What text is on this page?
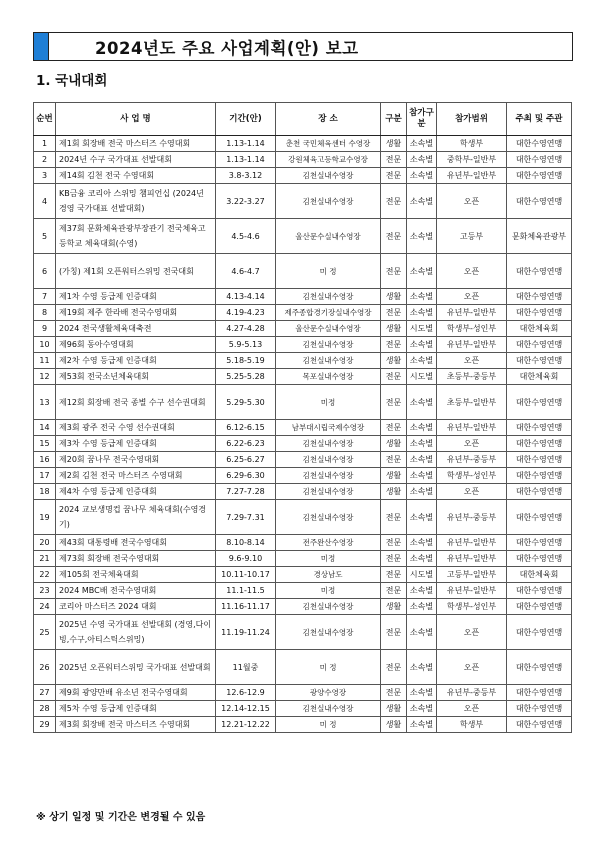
2024년도 주요 사업계획(안) 보고
1. 국내대회
순번	사 업 명	기간(안)	장 소	구분	참가구분	참가범위	주최 및 주관
1	제1회 회장배 전국 마스터즈 수영대회	1.13-1.14	춘천 국민체육센터 수영장	생활	소속별	학생부	대한수영연맹
2	2024년 수구 국가대표 선발대회	1.13-1.14	강원체육고등학교수영장	전문	소속별	중학부-일반부	대한수영연맹
3	제14회 김천 전국 수영대회	3.8-3.12	김천실내수영장	전문	소속별	유년부-일반부	대한수영연맹
4	KB금융 코리아 스위밍 챔피언십 (2024년 경영 국가대표 선발대회)	3.22-3.27	김천실내수영장	전문	소속별	오픈	대한수영연맹
5	제37회 문화체육관광부장관기 전국체육고등학교 체육대회(수영)	4.5-4.6	울산문수실내수영장	전문	소속별	고등부	문화체육관광부
6	(가칭) 제1회 오픈워터스위밍 전국대회	4.6-4.7	미 정	전문	소속별	오픈	대한수영연맹
7	제1차 수영 등급제 인증대회	4.13-4.14	김천실내수영장	생활	소속별	오픈	대한수영연맹
8	제19회 제주 한라배 전국수영대회	4.19-4.23	제주종합경기장실내수영장	전문	소속별	유년부-일반부	대한수영연맹
9	2024 전국생활체육대축전	4.27-4.28	울산문수실내수영장	생활	시도별	학생부-성인부	대한체육회
10	제96회 동아수영대회	5.9-5.13	김천실내수영장	전문	소속별	유년부-일반부	대한수영연맹
11	제2차 수영 등급제 인증대회	5.18-5.19	김천실내수영장	생활	소속별	오픈	대한수영연맹
12	제53회 전국소년체육대회	5.25-5.28	목포실내수영장	전문	시도별	초등부-중등부	대한체육회
13	제12회 회장배 전국 종별 수구 선수권대회	5.29-5.30	미정	전문	소속별	초등부-일반부	대한수영연맹
14	제3회 광주 전국 수영 선수권대회	6.12-6.15	남부대시립국제수영장	전문	소속별	유년부-일반부	대한수영연맹
15	제3차 수영 등급제 인증대회	6.22-6.23	김천실내수영장	생활	소속별	오픈	대한수영연맹
16	제20회 꿈나무 전국수영대회	6.25-6.27	김천실내수영장	전문	소속별	유년부-중등부	대한수영연맹
17	제2회 김천 전국 마스터즈 수영대회	6.29-6.30	김천실내수영장	생활	소속별	학생부-성인부	대한수영연맹
18	제4차 수영 등급제 인증대회	7.27-7.28	김천실내수영장	생활	소속별	오픈	대한수영연맹
19	2024 교보생명컵 꿈나무 체육대회(수영경기)	7.29-7.31	김천실내수영장	전문	소속별	유년부-중등부	대한수영연맹
20	제43회 대통령배 전국수영대회	8.10-8.14	전주완산수영장	전문	소속별	유년부-일반부	대한수영연맹
21	제73회 회장배 전국수영대회	9.6-9.10	미정	전문	소속별	유년부-일반부	대한수영연맹
22	제105회 전국체육대회	10.11-10.17	경상남도	전문	시도별	고등부-일반부	대한체육회
23	2024 MBC배 전국수영대회	11.1-11.5	미정	전문	소속별	유년부-일반부	대한수영연맹
24	코리아 마스터즈 2024 대회	11.16-11.17	김천실내수영장	생활	소속별	학생부-성인부	대한수영연맹
25	2025년 수영 국가대표 선발대회 (경영,다이빙,수구,아티스틱스위밍)	11.19-11.24	김천실내수영장	전문	소속별	오픈	대한수영연맹
26	2025년 오픈워터스위밍 국가대표 선발대회	11월중	미 정	전문	소속별	오픈	대한수영연맹
27	제9회 광양만배 유소년 전국수영대회	12.6-12.9	광양수영장	전문	소속별	유년부-중등부	대한수영연맹
28	제5차 수영 등급제 인증대회	12.14-12.15	김천실내수영장	생활	소속별	오픈	대한수영연맹
29	제3회 회장배 전국 마스터즈 수영대회	12.21-12.22	미 정	생활	소속별	학생부	대한수영연맹
※ 상기 일정 및 기간은 변경될 수 있음
